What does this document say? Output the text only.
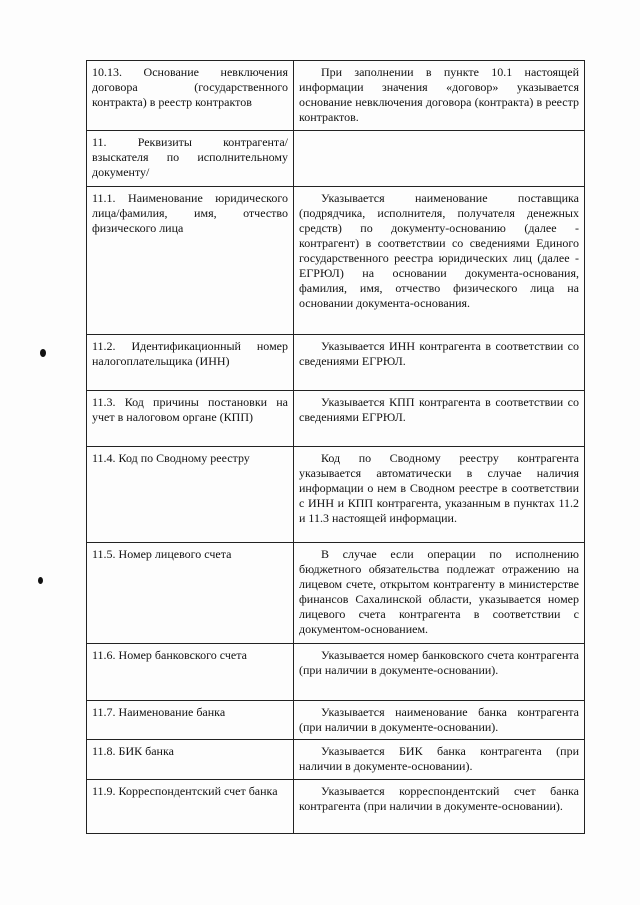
10.13. Основание невключения договора (государственного контракта) в реестр контрактов	При заполнении в пункте 10.1 настоящей информации значения «договор» указывается основание невключения договора (контракта) в реестр контрактов.
11. Реквизиты контрагента/взыскателя по исполнительному документу/	
11.1. Наименование юридического лица/фамилия, имя, отчество физического лица	Указывается наименование поставщика (подрядчика, исполнителя, получателя денежных средств) по документу-основанию (далее - контрагент) в соответствии со сведениями Единого государственного реестра юридических лиц (далее - ЕГРЮЛ) на основании документа-основания, фамилия, имя, отчество физического лица на основании документа-основания.
11.2. Идентификационный номер налогоплательщика (ИНН)	Указывается ИНН контрагента в соответствии со сведениями ЕГРЮЛ.
11.3. Код причины постановки на учет в налоговом органе (КПП)	Указывается КПП контрагента в соответствии со сведениями ЕГРЮЛ.
11.4. Код по Сводному реестру	Код по Сводному реестру контрагента указывается автоматически в случае наличия информации о нем в Сводном реестре в соответствии с ИНН и КПП контрагента, указанным в пунктах 11.2 и 11.3 настоящей информации.
11.5. Номер лицевого счета	В случае если операции по исполнению бюджетного обязательства подлежат отражению на лицевом счете, открытом контрагенту в министерстве финансов Сахалинской области, указывается номер лицевого счета контрагента в соответствии с документом-основанием.
11.6. Номер банковского счета	Указывается номер банковского счета контрагента (при наличии в документе-основании).
11.7. Наименование банка	Указывается наименование банка контрагента (при наличии в документе-основании).
11.8. БИК банка	Указывается БИК банка контрагента (при наличии в документе-основании).
11.9. Корреспондентский счет банка	Указывается корреспондентский счет банка контрагента (при наличии в документе-основании).
